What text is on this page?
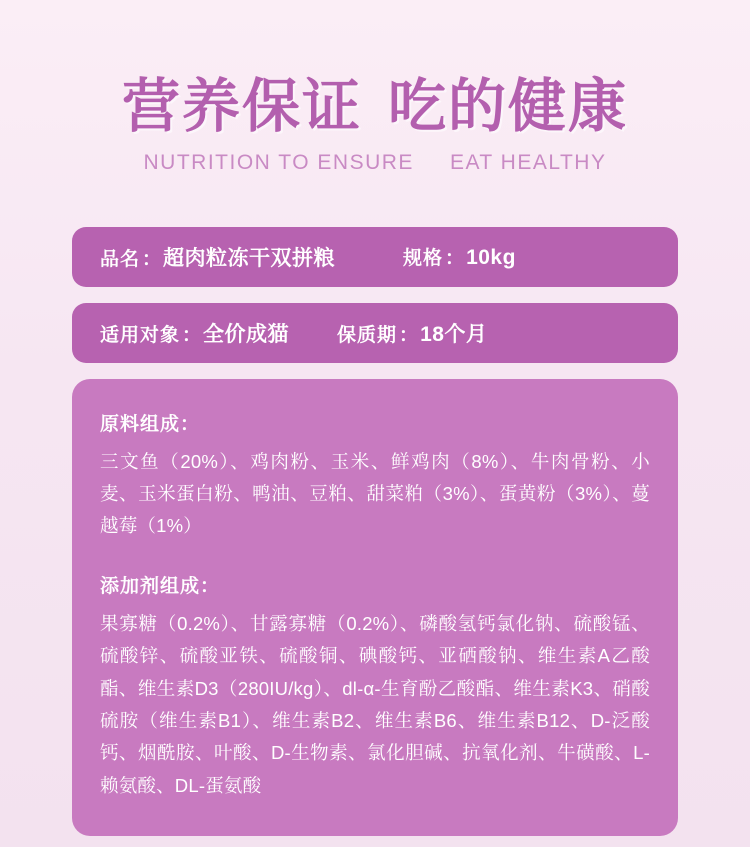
营养保证 吃的健康
NUTRITION TO ENSURE EAT HEALTHY
品名 ： 超肉粒冻干双拼粮	规格 ： 10kg
适用对象 ： 全价成猫	保质期 ： 18个月
原料组成：
三文鱼（20%）、鸡肉粉、玉米、鲜鸡肉（8%）、牛肉骨粉、小麦、玉米蛋白粉、鸭油、豆粕、甜菜粕（3%）、蛋黄粉（3%）、蔓越莓（1%）
添加剂组成：
果寡糖（0.2%）、甘露寡糖（0.2%）、磷酸氢钙氯化钠、硫酸锰、硫酸锌、硫酸亚铁、硫酸铜、碘酸钙、亚硒酸钠、维生素A乙酸酯、维生素D3（280IU/kg）、dl-α-生育酚乙酸酯、维生素K3、硝酸硫胺（维生素B1）、维生素B2、维生素B6、维生素B12、D-泛酸钙、烟酰胺、叶酸、D-生物素、氯化胆碱、抗氧化剂、牛磺酸、L-赖氨酸、DL-蛋氨酸
